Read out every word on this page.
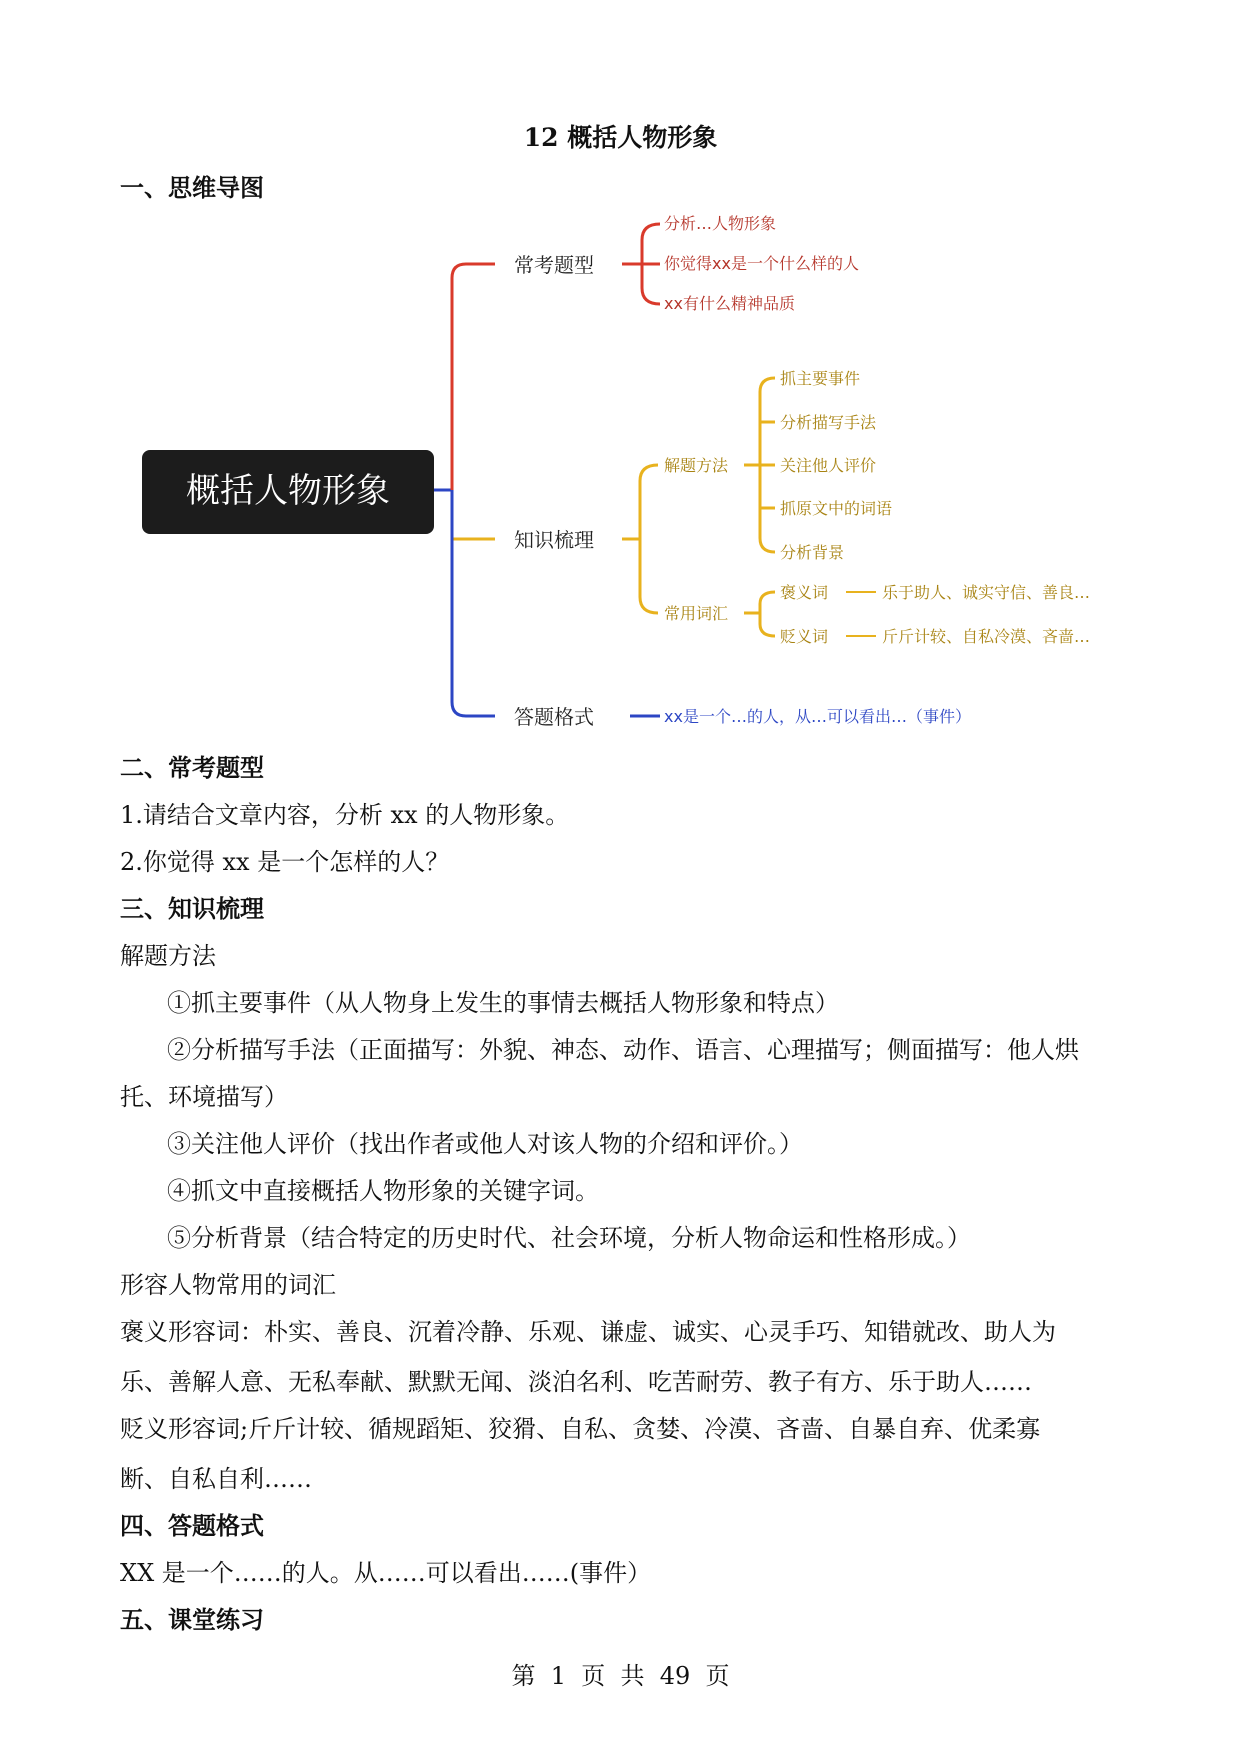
12 概括人物形象
一、思维导图
概括人物形象
常考题型
分析…人物形象
你觉得xx是一个什么样的人
xx有什么精神品质
知识梳理
解题方法
常用词汇
抓主要事件
分析描写手法
关注他人评价
抓原文中的词语
分析背景
褒义词
贬义词
乐于助人、诚实守信、善良…
斤斤计较、自私冷漠、吝啬…
答题格式	xx是一个…的人，从…可以看出…（事件）
二、常考题型
1.请结合文章内容，分析 xx 的人物形象。
2.你觉得 xx 是一个怎样的人？
三、知识梳理
解题方法
①抓主要事件（从人物身上发生的事情去概括人物形象和特点）
②分析描写手法（正面描写：外貌、神态、动作、语言、心理描写；侧面描写：他人烘
托、环境描写）
③关注他人评价（找出作者或他人对该人物的介绍和评价。）
④抓文中直接概括人物形象的关键字词。
⑤分析背景（结合特定的历史时代、社会环境，分析人物命运和性格形成。）
形容人物常用的词汇
褒义形容词：朴实、善良、沉着冷静、乐观、谦虚、诚实、心灵手巧、知错就改、助人为
乐、善解人意、无私奉献、默默无闻、淡泊名利、吃苦耐劳、教子有方、乐于助人……
贬义形容词;斤斤计较、循规蹈矩、狡猾、自私、贪婪、冷漠、吝啬、自暴自弃、优柔寡
断、自私自利……
四、答题格式
XX 是一个……的人。从……可以看出……(事件）
五、课堂练习
第  1  页  共  49  页
